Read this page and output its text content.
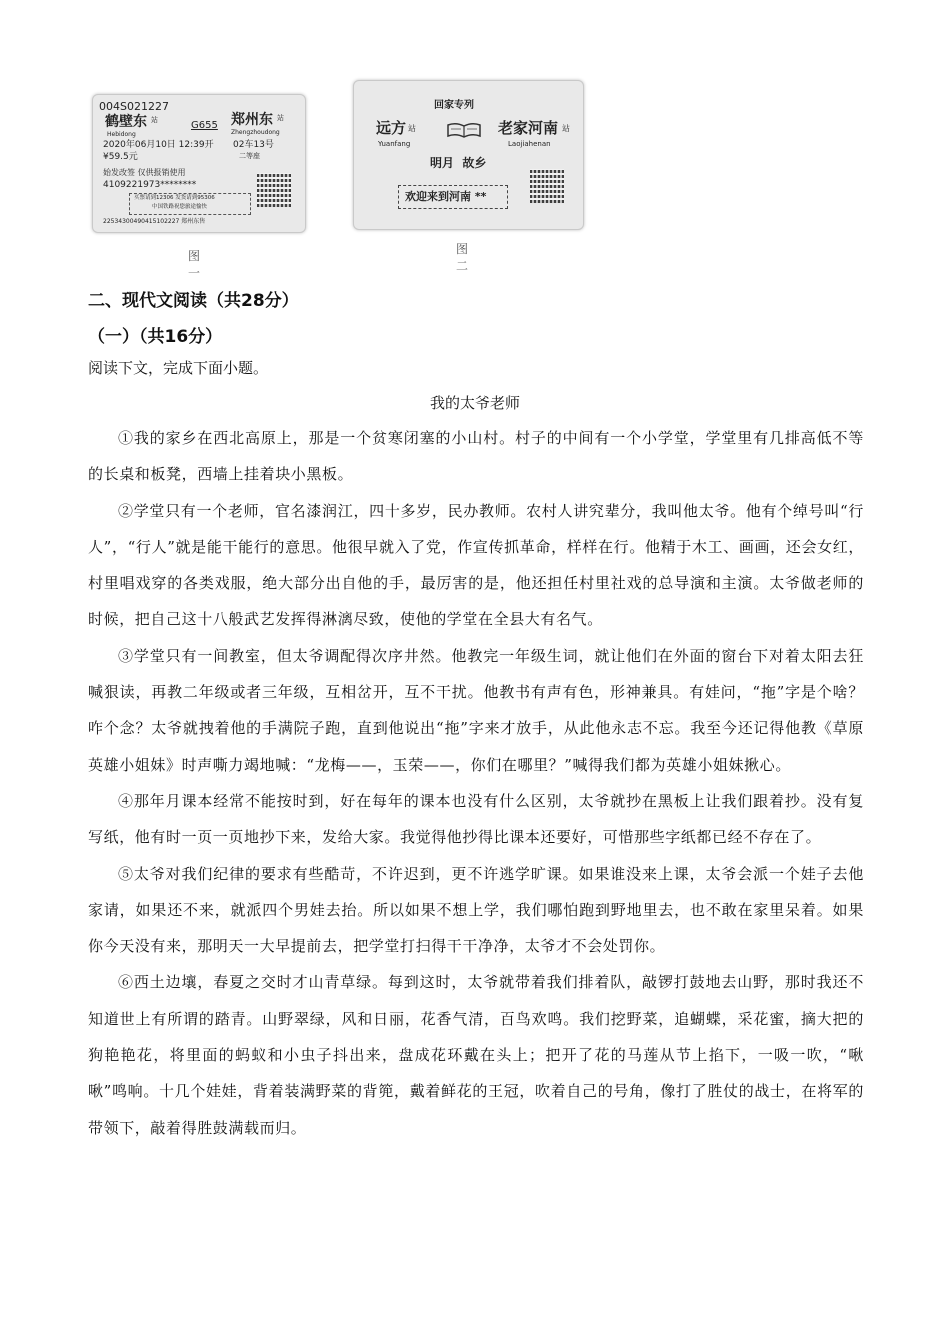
004S021227
鹤壁东 站
Hebidong
G655 郑州东 站
Zhengzhoudong
2020年06月10日 12:39开 02车13号
¥59.5元	二等座
始发改签 仅供报销使用
4109221973********
买票请到12306 发货请到95306
中国铁路祝您旅途愉快
22534300490415102227 郑州东售
图一
回家专列
远方 站
Yuanfang
老家河南 站
Laojiahenan
明月  故乡
欢迎来到河南 **
图二
二、现代文阅读（共28分）
（一）（共16分）
阅读下文，完成下面小题。
我的太爷老师

①我的家乡在西北高原上，那是一个贫寒闭塞的小山村。村子的中间有一个小学堂，学堂里有几排高低不等的长桌和板凳，西墙上挂着块小黑板。

②学堂只有一个老师，官名漆润江，四十多岁，民办教师。农村人讲究辈分，我叫他太爷。他有个绰号叫“行人”，“行人”就是能干能行的意思。他很早就入了党，作宣传抓革命，样样在行。他精于木工、画画，还会女红，村里唱戏穿的各类戏服，绝大部分出自他的手，最厉害的是，他还担任村里社戏的总导演和主演。太爷做老师的时候，把自己这十八般武艺发挥得淋漓尽致，使他的学堂在全县大有名气。

③学堂只有一间教室，但太爷调配得次序井然。他教完一年级生词，就让他们在外面的窗台下对着太阳去狂喊狠读，再教二年级或者三年级，互相岔开，互不干扰。他教书有声有色，形神兼具。有娃问，“拖”字是个啥？咋个念？太爷就拽着他的手满院子跑，直到他说出“拖”字来才放手，从此他永志不忘。我至今还记得他教《草原英雄小姐妹》时声嘶力竭地喊：“龙梅——，玉荣——，你们在哪里？”喊得我们都为英雄小姐妹揪心。

④那年月课本经常不能按时到，好在每年的课本也没有什么区别，太爷就抄在黑板上让我们跟着抄。没有复写纸，他有时一页一页地抄下来，发给大家。我觉得他抄得比课本还要好，可惜那些字纸都已经不存在了。

⑤太爷对我们纪律的要求有些酷苛，不许迟到，更不许逃学旷课。如果谁没来上课，太爷会派一个娃子去他家请，如果还不来，就派四个男娃去抬。所以如果不想上学，我们哪怕跑到野地里去，也不敢在家里呆着。如果你今天没有来，那明天一大早提前去，把学堂打扫得干干净净，太爷才不会处罚你。

⑥西土边壤，春夏之交时才山青草绿。每到这时，太爷就带着我们排着队，敲锣打鼓地去山野，那时我还不知道世上有所谓的踏青。山野翠绿，风和日丽，花香气清，百鸟欢鸣。我们挖野菜，追蝴蝶，采花蜜，摘大把的狗艳艳花，将里面的蚂蚁和小虫子抖出来，盘成花环戴在头上；把开了花的马莲从节上掐下，一吸一吹，“啾啾”鸣响。十几个娃娃，背着装满野菜的背篼，戴着鲜花的王冠，吹着自己的号角，像打了胜仗的战士，在将军的带领下，敲着得胜鼓满载而归。
